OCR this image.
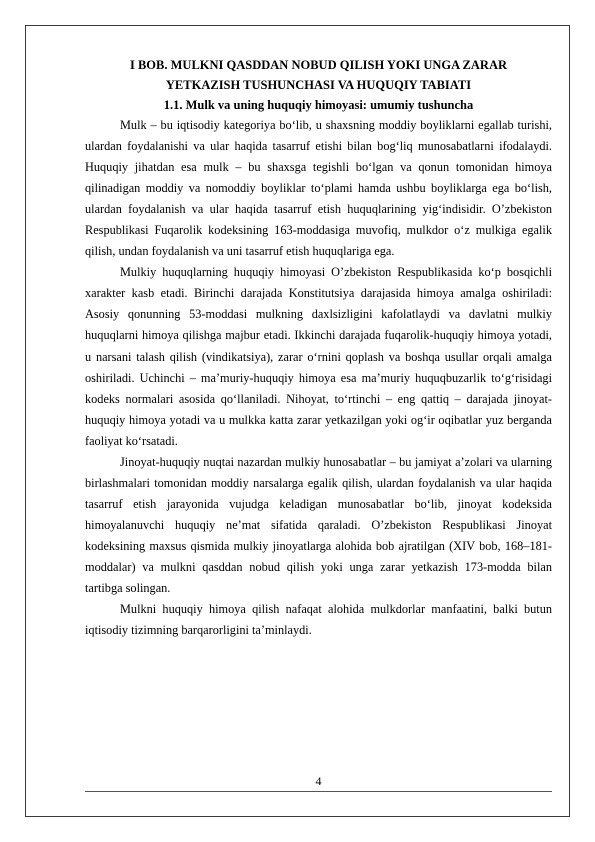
I BOB. MULKNI QASDDAN NOBUD QILISH YOKI UNGA ZARAR

YETKAZISH TUSHUNCHASI VA HUQUQIY TABIATI

1.1. Mulk va uning huquqiy himoyasi: umumiy tushuncha

Mulk – bu iqtisodiy kategoriya bo‘lib, u shaxsning moddiy boyliklarni egallab turishi, ulardan foydalanishi va ular haqida tasarruf etishi bilan bog‘liq munosabatlarni ifodalaydi. Huquqiy jihatdan esa mulk – bu shaxsga tegishli bo‘lgan va qonun tomonidan himoya qilinadigan moddiy va nomoddiy boyliklar to‘plami hamda ushbu boyliklarga ega bo‘lish, ulardan foydalanish va ular haqida tasarruf etish huquqlarining yig‘indisidir. O’zbekiston Respublikasi Fuqarolik kodeksining 163-moddasiga muvofiq, mulkdor o‘z mulkiga egalik qilish, undan foydalanish va uni tasarruf etish huquqlariga ega.

Mulkiy huquqlarning huquqiy himoyasi O’zbekiston Respublikasida ko‘p bosqichli xarakter kasb etadi. Birinchi darajada Konstitutsiya darajasida himoya amalga oshiriladi: Asosiy qonunning 53-moddasi mulkning daxlsizligini kafolatlaydi va davlatni mulkiy huquqlarni himoya qilishga majbur etadi. Ikkinchi darajada fuqarolik-huquqiy himoya yotadi, u narsani talash qilish (vindikatsiya), zarar o‘rnini qoplash va boshqa usullar orqali amalga oshiriladi. Uchinchi – ma’muriy-huquqiy himoya esa ma’muriy huquqbuzarlik to‘g‘risidagi kodeks normalari asosida qo‘llaniladi. Nihoyat, to‘rtinchi – eng qattiq – darajada jinoyat-huquqiy himoya yotadi va u mulkka katta zarar yetkazilgan yoki og‘ir oqibatlar yuz berganda faoliyat ko‘rsatadi.

Jinoyat-huquqiy nuqtai nazardan mulkiy hunosabatlar – bu jamiyat a’zolari va ularning birlashmalari tomonidan moddiy narsalarga egalik qilish, ulardan foydalanish va ular haqida tasarruf etish jarayonida vujudga keladigan munosabatlar bo‘lib, jinoyat kodeksida himoyalanuvchi huquqiy ne’mat sifatida qaraladi. O’zbekiston Respublikasi Jinoyat kodeksining maxsus qismida mulkiy jinoyatlarga alohida bob ajratilgan (XIV bob, 168–181-moddalar) va mulkni qasddan nobud qilish yoki unga zarar yetkazish 173-modda bilan tartibga solingan.

Mulkni huquqiy himoya qilish nafaqat alohida mulkdorlar manfaatini, balki butun iqtisodiy tizimning barqarorligini ta’minlaydi.

4
